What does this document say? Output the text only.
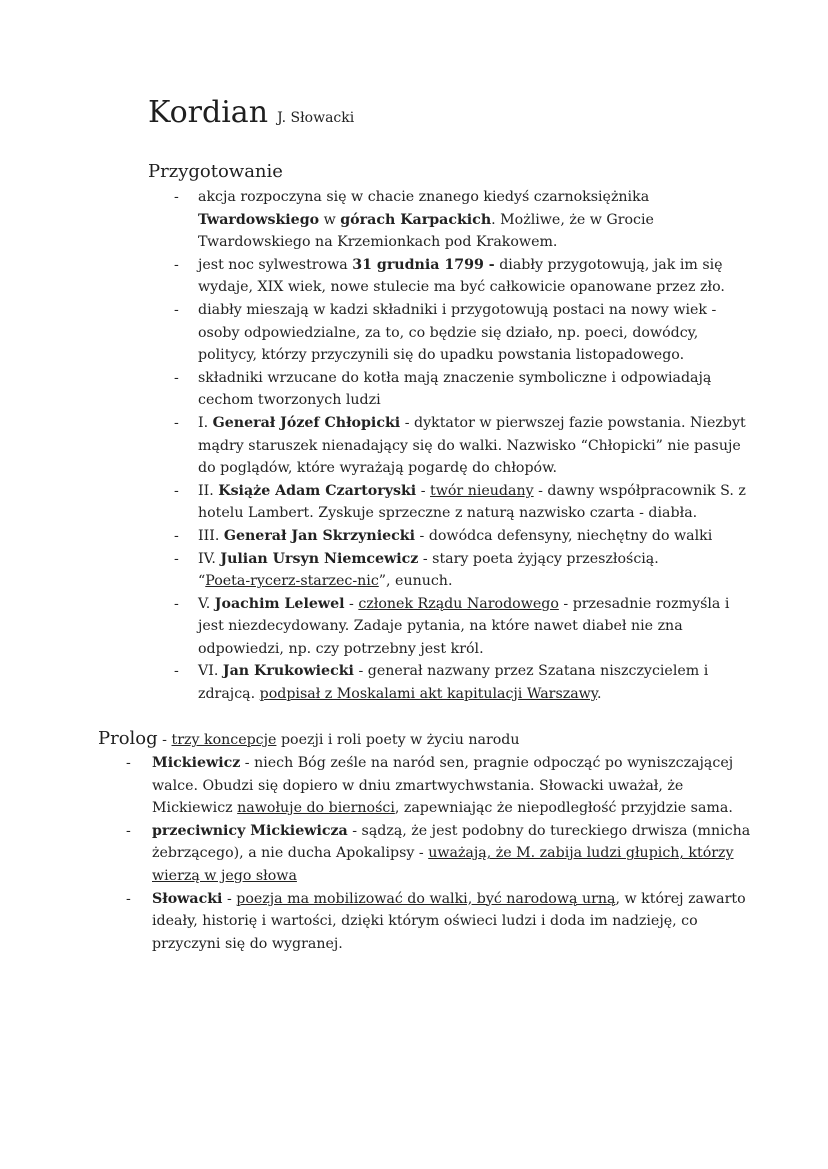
Kordian J. Słowacki
Przygotowanie
- akcja rozpoczyna się w chacie znanego kiedyś czarnoksiężnika
Twardowskiego w górach Karpackich. Możliwe, że w Grocie
Twardowskiego na Krzemionkach pod Krakowem.
- jest noc sylwestrowa 31 grudnia 1799 - diabły przygotowują, jak im się
wydaje, XIX wiek, nowe stulecie ma być całkowicie opanowane przez zło.
- diabły mieszają w kadzi składniki i przygotowują postaci na nowy wiek -
osoby odpowiedzialne, za to, co będzie się działo, np. poeci, dowódcy,
politycy, którzy przyczynili się do upadku powstania listopadowego.
- składniki wrzucane do kotła mają znaczenie symboliczne i odpowiadają
cechom tworzonych ludzi
- I. Generał Józef Chłopicki - dyktator w pierwszej fazie powstania. Niezbyt
mądry staruszek nienadający się do walki. Nazwisko “Chłopicki” nie pasuje
do poglądów, które wyrażają pogardę do chłopów.
- II. Książe Adam Czartoryski - twór nieudany - dawny współpracownik S. z
hotelu Lambert. Zyskuje sprzeczne z naturą nazwisko czarta - diabła.
- III. Generał Jan Skrzyniecki - dowódca defensyny, niechętny do walki
- IV. Julian Ursyn Niemcewicz - stary poeta żyjący przeszłością.
“Poeta-rycerz-starzec-nic”, eunuch.
- V. Joachim Lelewel - członek Rządu Narodowego - przesadnie rozmyśla i
jest niezdecydowany. Zadaje pytania, na które nawet diabeł nie zna
odpowiedzi, np. czy potrzebny jest król.
- VI. Jan Krukowiecki - generał nazwany przez Szatana niszczycielem i
zdrajcą. podpisał z Moskalami akt kapitulacji Warszawy.
Prolog - trzy koncepcje poezji i roli poety w życiu narodu
- Mickiewicz - niech Bóg ześle na naród sen, pragnie odpocząć po wyniszczającej
walce. Obudzi się dopiero w dniu zmartwychwstania. Słowacki uważał, że
Mickiewicz nawołuje do bierności, zapewniając że niepodległość przyjdzie sama.
- przeciwnicy Mickiewicza - sądzą, że jest podobny do tureckiego drwisza (mnicha
żebrzącego), a nie ducha Apokalipsy - uważają, że M. zabija ludzi głupich, którzy
wierzą w jego słowa
- Słowacki - poezja ma mobilizować do walki, być narodową urną, w której zawarto
ideały, historię i wartości, dzięki którym oświeci ludzi i doda im nadzieję, co
przyczyni się do wygranej.
